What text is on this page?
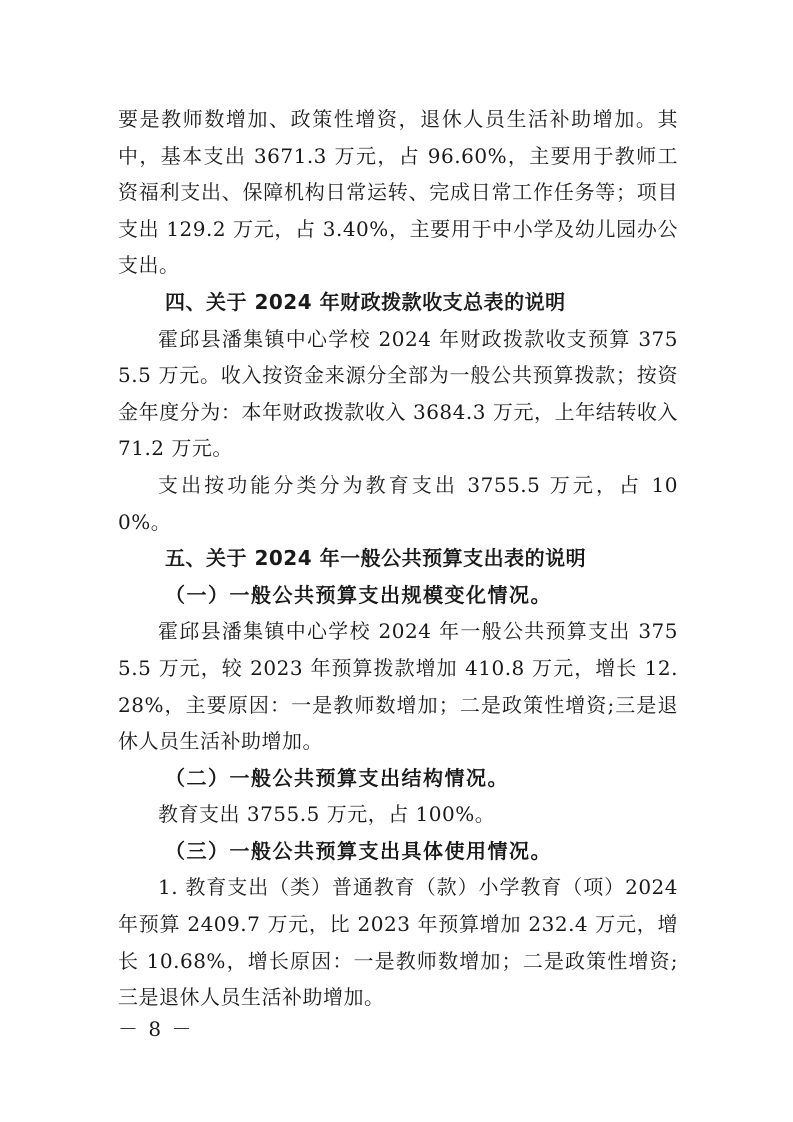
要是教师数增加、政策性增资，退休人员生活补助增加。其中，基本支出 3671.3 万元，占 96.60%，主要用于教师工资福利支出、保障机构日常运转、完成日常工作任务等；项目支出 129.2 万元，占 3.40%，主要用于中小学及幼儿园办公支出。

四、关于 2024 年财政拨款收支总表的说明

霍邱县潘集镇中心学校 2024 年财政拨款收支预算 3755.5 万元。收入按资金来源分全部为一般公共预算拨款；按资金年度分为：本年财政拨款收入 3684.3 万元，上年结转收入 71.2 万元。

支出按功能分类分为教育支出 3755.5 万元，占 100%。

五、关于 2024 年一般公共预算支出表的说明

（一）一般公共预算支出规模变化情况。

霍邱县潘集镇中心学校 2024 年一般公共预算支出 3755.5 万元，较 2023 年预算拨款增加 410.8 万元，增长 12.28%，主要原因：一是教师数增加；二是政策性增资;三是退休人员生活补助增加。

（二）一般公共预算支出结构情况。

教育支出 3755.5 万元，占 100%。

（三）一般公共预算支出具体使用情况。

1. 教育支出（类）普通教育（款）小学教育（项）2024 年预算 2409.7 万元，比 2023 年预算增加 232.4 万元，增长 10.68%，增长原因：一是教师数增加；二是政策性增资;三是退休人员生活补助增加。

－ 8 －
